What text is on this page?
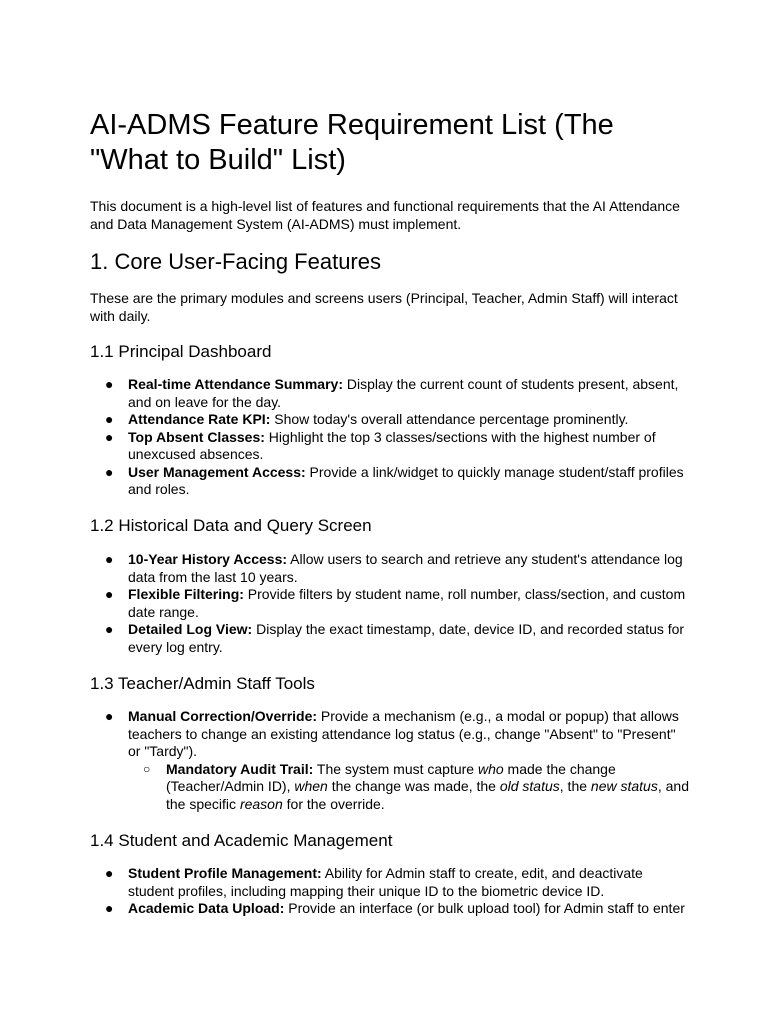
AI-ADMS Feature Requirement List (The "What to Build" List)

This document is a high-level list of features and functional requirements that the AI Attendance and Data Management System (AI-ADMS) must implement.

1. Core User-Facing Features

These are the primary modules and screens users (Principal, Teacher, Admin Staff) will interact with daily.

1.1 Principal Dashboard
● Real-time Attendance Summary: Display the current count of students present, absent, and on leave for the day.
● Attendance Rate KPI: Show today's overall attendance percentage prominently.
● Top Absent Classes: Highlight the top 3 classes/sections with the highest number of unexcused absences.
● User Management Access: Provide a link/widget to quickly manage student/staff profiles and roles.
1.2 Historical Data and Query Screen
● 10-Year History Access: Allow users to search and retrieve any student's attendance log data from the last 10 years.
● Flexible Filtering: Provide filters by student name, roll number, class/section, and custom date range.
● Detailed Log View: Display the exact timestamp, date, device ID, and recorded status for every log entry.
1.3 Teacher/Admin Staff Tools
● Manual Correction/Override: Provide a mechanism (e.g., a modal or popup) that allows teachers to change an existing attendance log status (e.g., change "Absent" to "Present" or "Tardy").
○ Mandatory Audit Trail: The system must capture who made the change (Teacher/Admin ID), when the change was made, the old status, the new status, and the specific reason for the override.
1.4 Student and Academic Management
● Student Profile Management: Ability for Admin staff to create, edit, and deactivate student profiles, including mapping their unique ID to the biometric device ID.
● Academic Data Upload: Provide an interface (or bulk upload tool) for Admin staff to enter
